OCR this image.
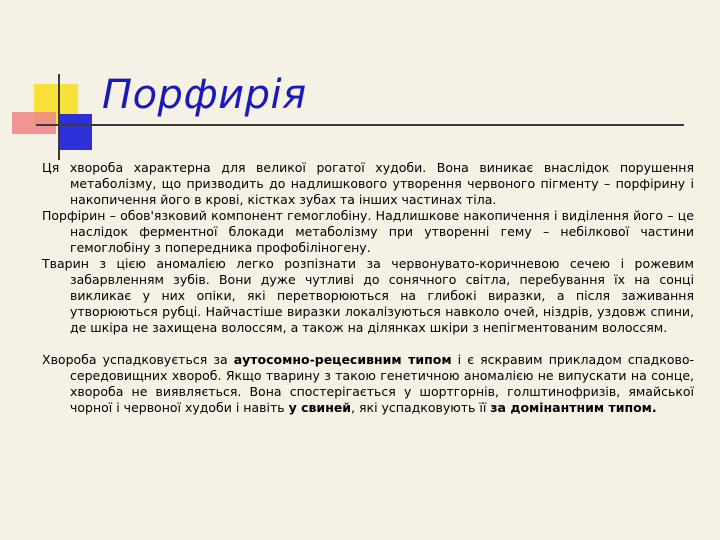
Порфирія

Ця хвороба характерна для великої рогатої худоби. Вона виникає внаслідок порушення метаболізму, що призводить до надлишкового утворення червоного пігменту – порфірину і накопичення його в крові, кістках зубах та інших частинах тіла.

Порфірин – обов'язковий компонент гемоглобіну. Надлишкове накопичення і виділення його – це наслідок ферментної блокади метаболізму при утворенні гему – небілкової частини гемоглобіну з попередника профобіліногену.

Тварин з цією аномалією легко розпізнати за червонувато-коричневою сечею і рожевим забарвленням зубів. Вони дуже чутливі до сонячного світла, перебування їх на сонці викликає у них опіки, які перетворюються на глибокі виразки, а після заживання утворюються рубці. Найчастіше виразки локалізуються навколо очей, ніздрів, уздовж спини, де шкіра не захищена волоссям, а також на ділянках шкіри з непігментованим волоссям.

Хвороба успадковується за аутосомно-рецесивним типом і є яскравим прикладом спадково-середовищних хвороб. Якщо тварину з такою генетичною аномалією не випускати на сонце, хвороба не виявляється. Вона спостерігається у шортгорнів, голштинофризів, ямайської чорної і червоної худоби і навіть у свиней, які успадковують її за домінантним типом.
